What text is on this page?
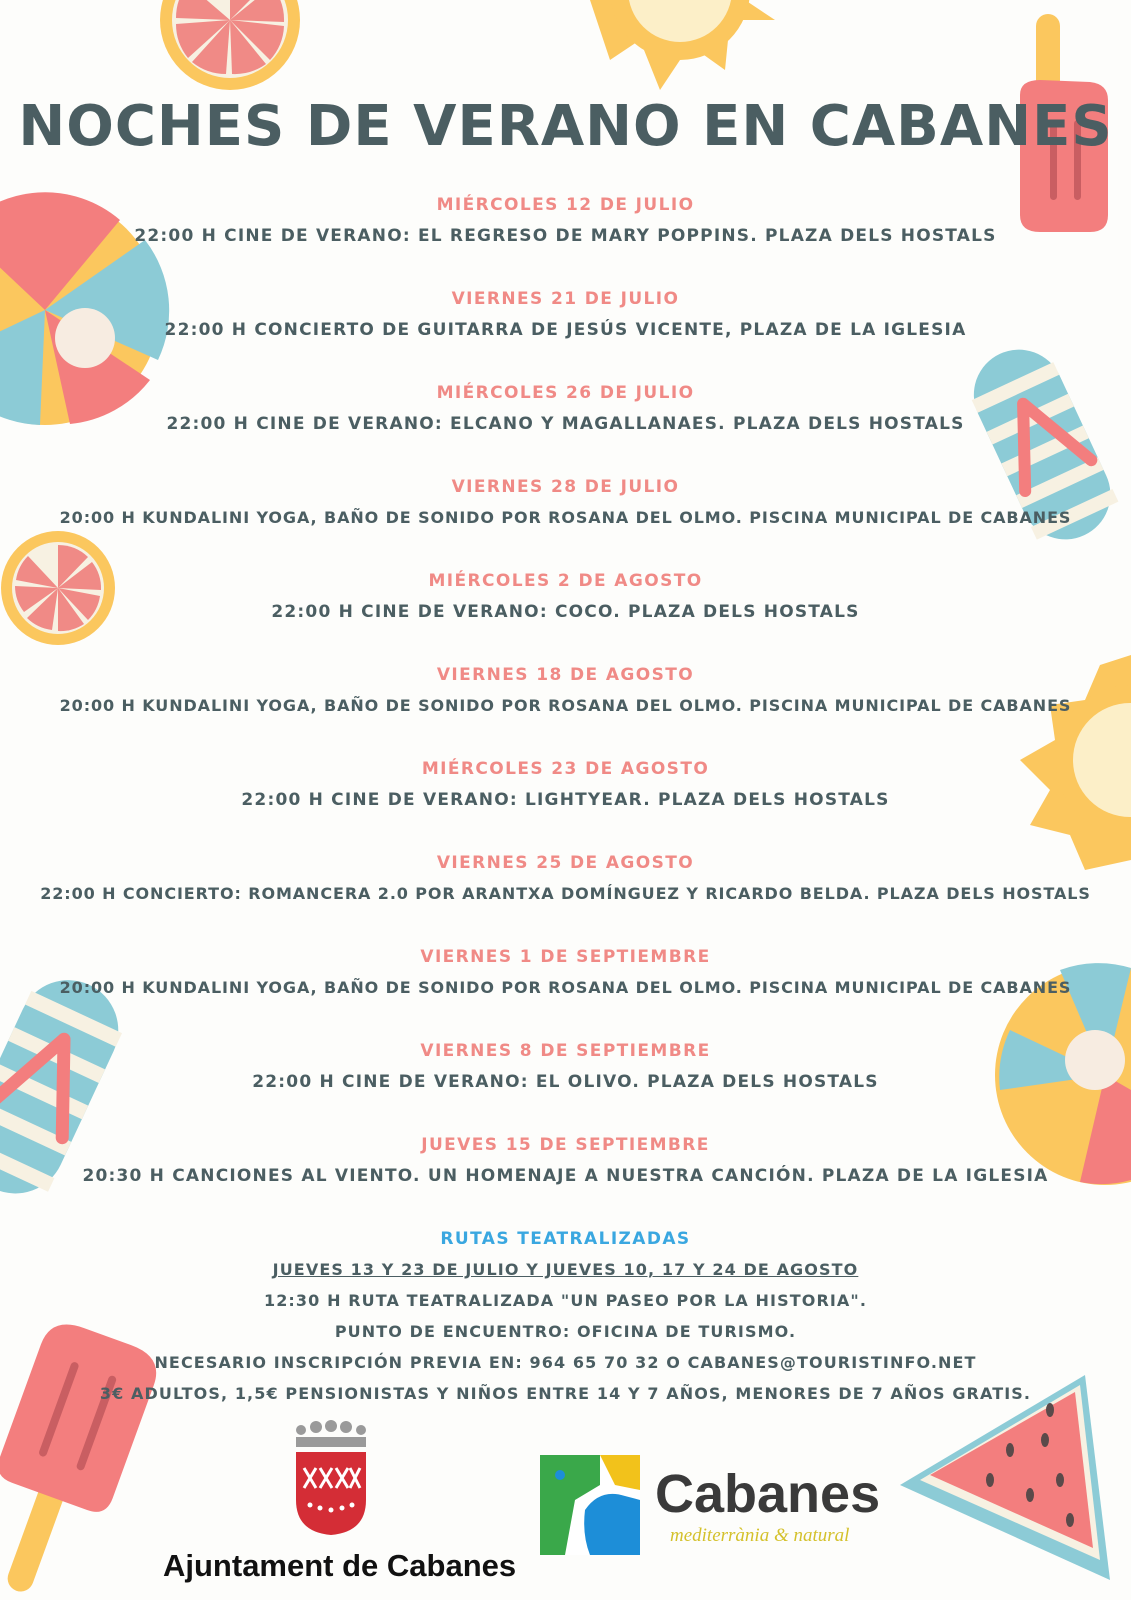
NOCHES DE VERANO EN CABANES
MIÉRCOLES 12 DE JULIO
22:00 H CINE DE VERANO: EL REGRESO DE MARY POPPINS. PLAZA DELS HOSTALS
VIERNES 21 DE JULIO
22:00 H CONCIERTO DE GUITARRA DE JESÚS VICENTE, PLAZA DE LA IGLESIA
MIÉRCOLES 26 DE JULIO
22:00 H CINE DE VERANO: ELCANO Y MAGALLANAES. PLAZA DELS HOSTALS
VIERNES 28 DE JULIO
20:00 H KUNDALINI YOGA, BAÑO DE SONIDO POR ROSANA DEL OLMO. PISCINA MUNICIPAL DE CABANES
MIÉRCOLES 2 DE AGOSTO
22:00 H CINE DE VERANO: COCO. PLAZA DELS HOSTALS
VIERNES 18 DE AGOSTO
20:00 H KUNDALINI YOGA, BAÑO DE SONIDO POR ROSANA DEL OLMO. PISCINA MUNICIPAL DE CABANES
MIÉRCOLES 23 DE AGOSTO
22:00 H CINE DE VERANO: LIGHTYEAR. PLAZA DELS HOSTALS
VIERNES 25 DE AGOSTO
22:00 H CONCIERTO: ROMANCERA 2.0 POR ARANTXA DOMÍNGUEZ Y RICARDO BELDA. PLAZA DELS HOSTALS
VIERNES 1 DE SEPTIEMBRE
20:00 H KUNDALINI YOGA, BAÑO DE SONIDO POR ROSANA DEL OLMO. PISCINA MUNICIPAL DE CABANES
VIERNES 8 DE SEPTIEMBRE
22:00 H CINE DE VERANO: EL OLIVO. PLAZA DELS HOSTALS
JUEVES 15 DE SEPTIEMBRE
20:30 H CANCIONES AL VIENTO. UN HOMENAJE A NUESTRA CANCIÓN. PLAZA DE LA IGLESIA
RUTAS TEATRALIZADAS
JUEVES 13 Y 23 DE JULIO Y JUEVES 10, 17 Y 24 DE AGOSTO
12:30 H RUTA TEATRALIZADA "UN PASEO POR LA HISTORIA".
PUNTO DE ENCUENTRO: OFICINA DE TURISMO.
NECESARIO INSCRIPCIÓN PREVIA EN: 964 65 70 32 O CABANES@TOURISTINFO.NET
3€ ADULTOS, 1,5€ PENSIONISTAS Y NIÑOS ENTRE 14 Y 7 AÑOS, MENORES DE 7 AÑOS GRATIS.
Ajuntament de Cabanes
Cabanes
mediterrània & natural
